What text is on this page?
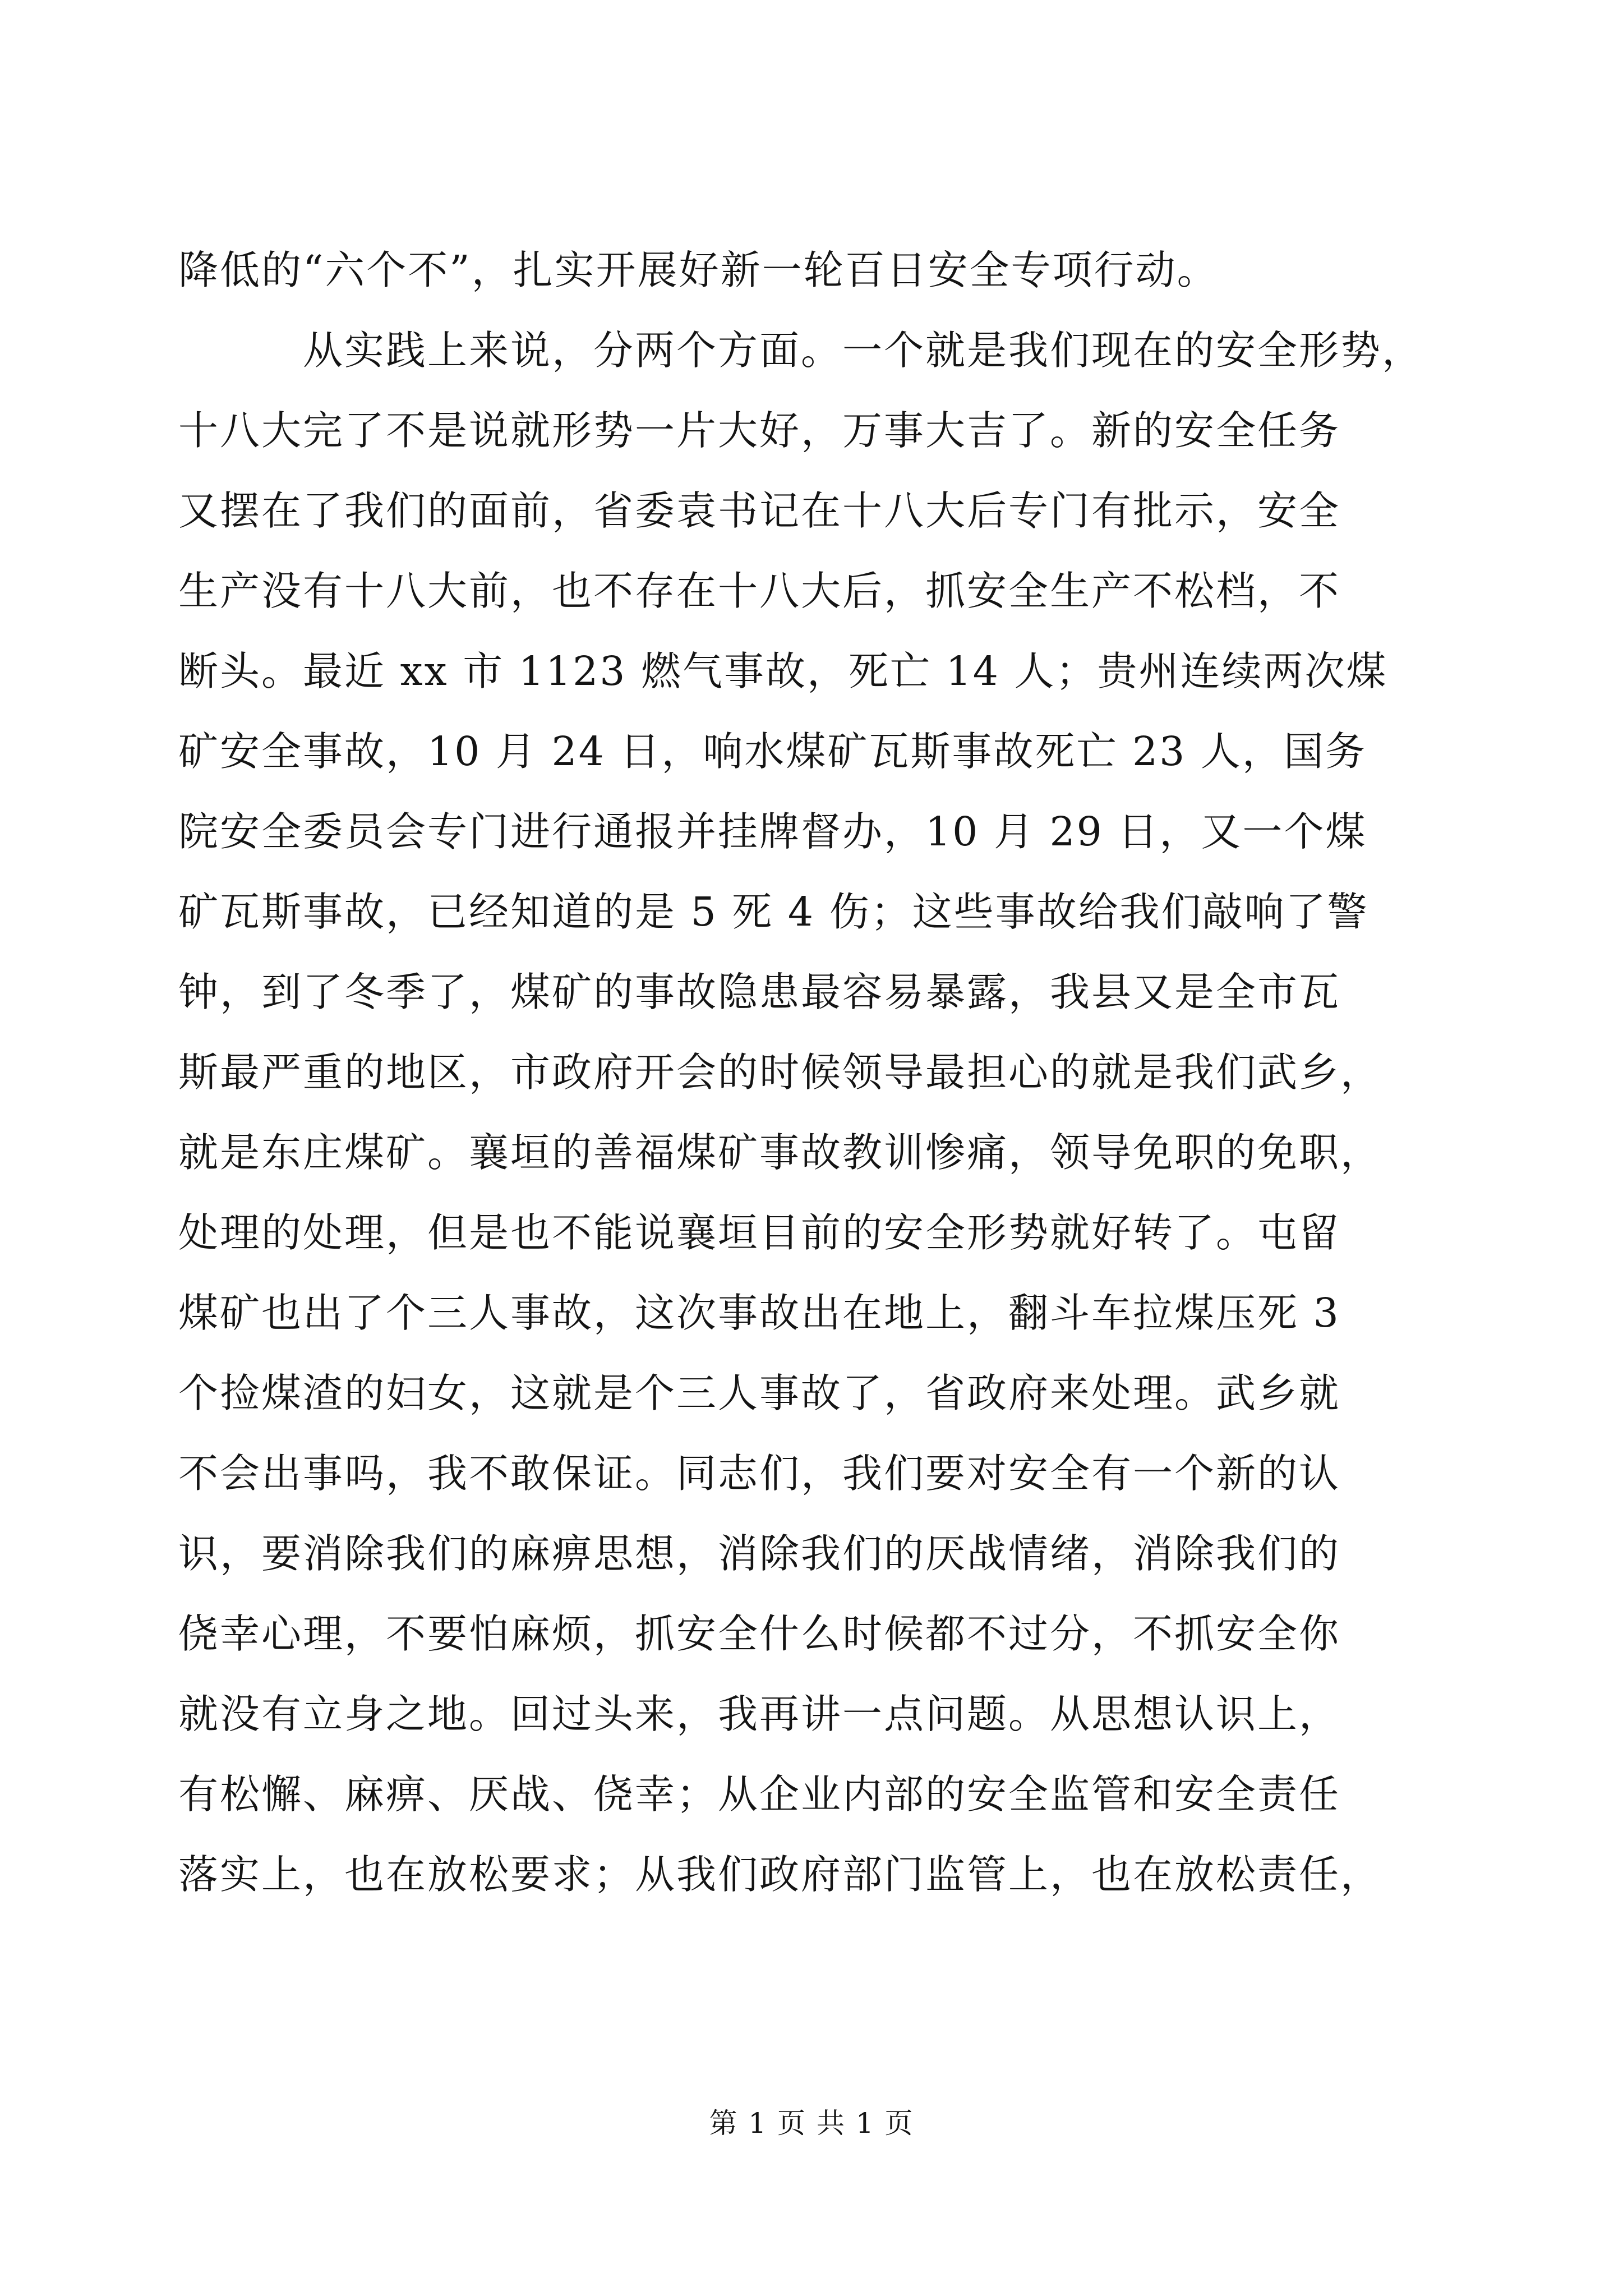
降低的“六个不”，扎实开展好新一轮百日安全专项行动。
从实践上来说，分两个方面。一个就是我们现在的安全形势，
十八大完了不是说就形势一片大好，万事大吉了。新的安全任务
又摆在了我们的面前，省委袁书记在十八大后专门有批示，安全
生产没有十八大前，也不存在十八大后，抓安全生产不松档，不
断头。最近 xx 市 1123 燃气事故，死亡 14 人；贵州连续两次煤
矿安全事故，10 月 24 日，响水煤矿瓦斯事故死亡 23 人，国务
院安全委员会专门进行通报并挂牌督办，10 月 29 日，又一个煤
矿瓦斯事故，已经知道的是 5 死 4 伤；这些事故给我们敲响了警
钟，到了冬季了，煤矿的事故隐患最容易暴露，我县又是全市瓦
斯最严重的地区，市政府开会的时候领导最担心的就是我们武乡，
就是东庄煤矿。襄垣的善福煤矿事故教训惨痛，领导免职的免职，
处理的处理，但是也不能说襄垣目前的安全形势就好转了。屯留
煤矿也出了个三人事故，这次事故出在地上，翻斗车拉煤压死 3
个捡煤渣的妇女，这就是个三人事故了，省政府来处理。武乡就
不会出事吗，我不敢保证。同志们，我们要对安全有一个新的认
识，要消除我们的麻痹思想，消除我们的厌战情绪，消除我们的
侥幸心理，不要怕麻烦，抓安全什么时候都不过分，不抓安全你
就没有立身之地。回过头来，我再讲一点问题。从思想认识上，
有松懈、麻痹、厌战、侥幸；从企业内部的安全监管和安全责任
落实上，也在放松要求；从我们政府部门监管上，也在放松责任，
第 1 页 共 1 页
